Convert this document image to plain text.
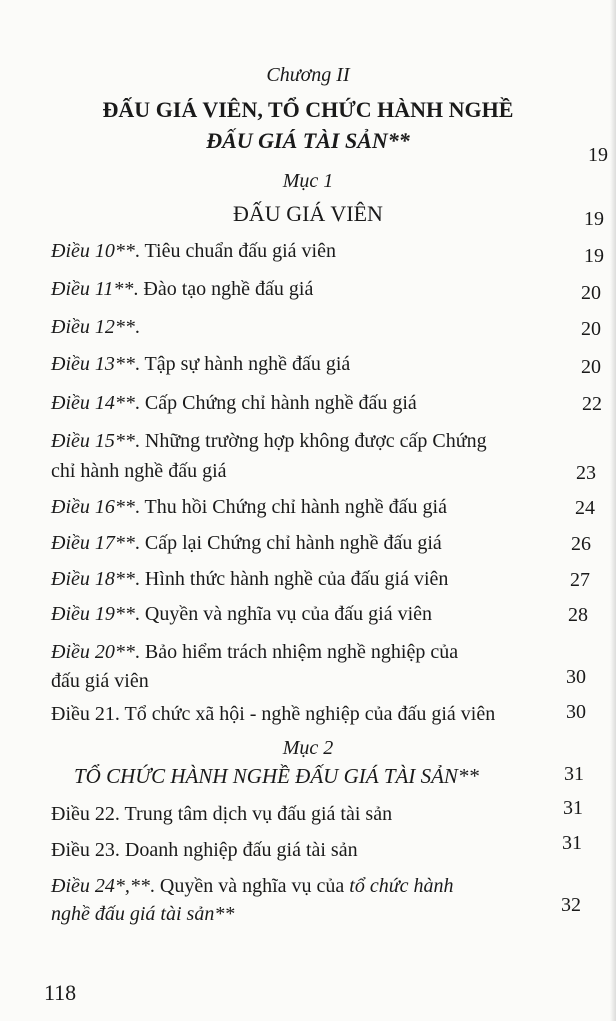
Chương II
ĐẤU GIÁ VIÊN, TỔ CHỨC HÀNH NGHỀ
ĐẤU GIÁ TÀI SẢN**
19
Mục 1
ĐẤU GIÁ VIÊN	19
Điều 10**. Tiêu chuẩn đấu giá viên	19
Điều 11**. Đào tạo nghề đấu giá	20
Điều 12**.	20
Điều 13**. Tập sự hành nghề đấu giá	20
Điều 14**. Cấp Chứng chỉ hành nghề đấu giá	22
Điều 15**. Những trường hợp không được cấp Chứng
chỉ hành nghề đấu giá	23
Điều 16**. Thu hồi Chứng chỉ hành nghề đấu giá	24
Điều 17**. Cấp lại Chứng chỉ hành nghề đấu giá	26
Điều 18**. Hình thức hành nghề của đấu giá viên	27
Điều 19**. Quyền và nghĩa vụ của đấu giá viên	28
Điều 20**. Bảo hiểm trách nhiệm nghề nghiệp của
đấu giá viên	30
Điều 21. Tổ chức xã hội - nghề nghiệp của đấu giá viên	30
Mục 2
TỔ CHỨC HÀNH NGHỀ ĐẤU GIÁ TÀI SẢN**	31
Điều 22. Trung tâm dịch vụ đấu giá tài sản	31
Điều 23. Doanh nghiệp đấu giá tài sản	31
Điều 24*,**. Quyền và nghĩa vụ của tổ chức hành
nghề đấu giá tài sản**	32
118
